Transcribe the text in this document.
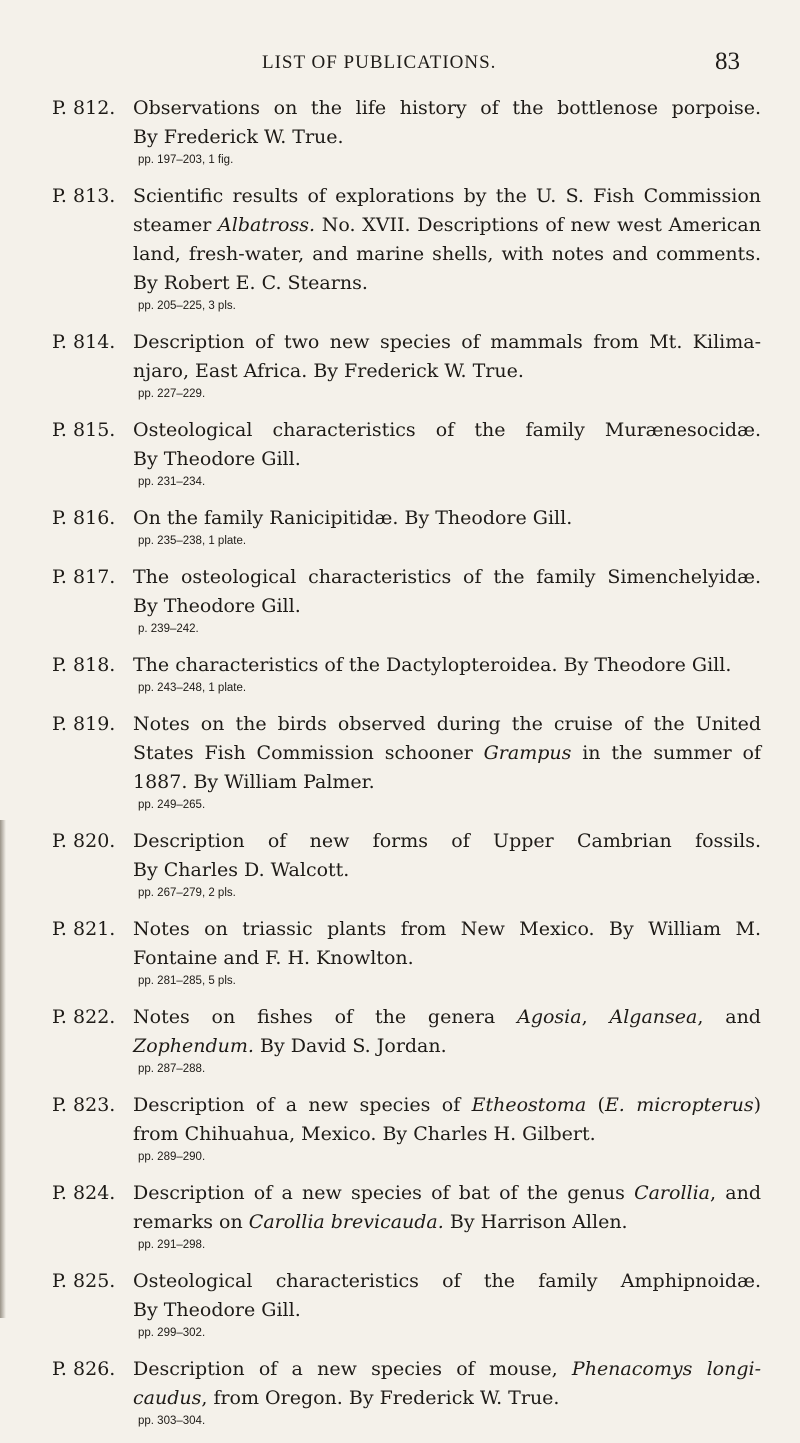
LIST OF PUBLICATIONS.	83
P. 812. Observations on the life history of the bottlenose porpoise. By Frederick W. True.
pp. 197–203, 1 fig.
P. 813. Scientific results of explorations by the U. S. Fish Commission steamer Albatross. No. XVII. Descriptions of new west American land, fresh-water, and marine shells, with notes and comments. By Robert E. C. Stearns.
pp. 205–225, 3 pls.
P. 814. Description of two new species of mammals from Mt. Kilima-njaro, East Africa. By Frederick W. True.
pp. 227–229.
P. 815. Osteological characteristics of the family Murænesocidæ. By Theodore Gill.
pp. 231–234.
P. 816. On the family Ranicipitidæ. By Theodore Gill.
pp. 235–238, 1 plate.
P. 817. The osteological characteristics of the family Simenchelyidæ. By Theodore Gill.
p. 239–242.
P. 818. The characteristics of the Dactylopteroidea. By Theodore Gill.
pp. 243–248, 1 plate.
P. 819. Notes on the birds observed during the cruise of the United States Fish Commission schooner Grampus in the summer of 1887. By William Palmer.
pp. 249–265.
P. 820. Description of new forms of Upper Cambrian fossils. By Charles D. Walcott.
pp. 267–279, 2 pls.
P. 821. Notes on triassic plants from New Mexico. By William M. Fontaine and F. H. Knowlton.
pp. 281–285, 5 pls.
P. 822. Notes on fishes of the genera Agosia, Algansea, and Zophendum. By David S. Jordan.
pp. 287–288.
P. 823. Description of a new species of Etheostoma (E. micropterus) from Chihuahua, Mexico. By Charles H. Gilbert.
pp. 289–290.
P. 824. Description of a new species of bat of the genus Carollia, and remarks on Carollia brevicauda. By Harrison Allen.
pp. 291–298.
P. 825. Osteological characteristics of the family Amphipnoidæ. By Theodore Gill.
pp. 299–302.
P. 826. Description of a new species of mouse, Phenacomys longi-caudus, from Oregon. By Frederick W. True.
pp. 303–304.
